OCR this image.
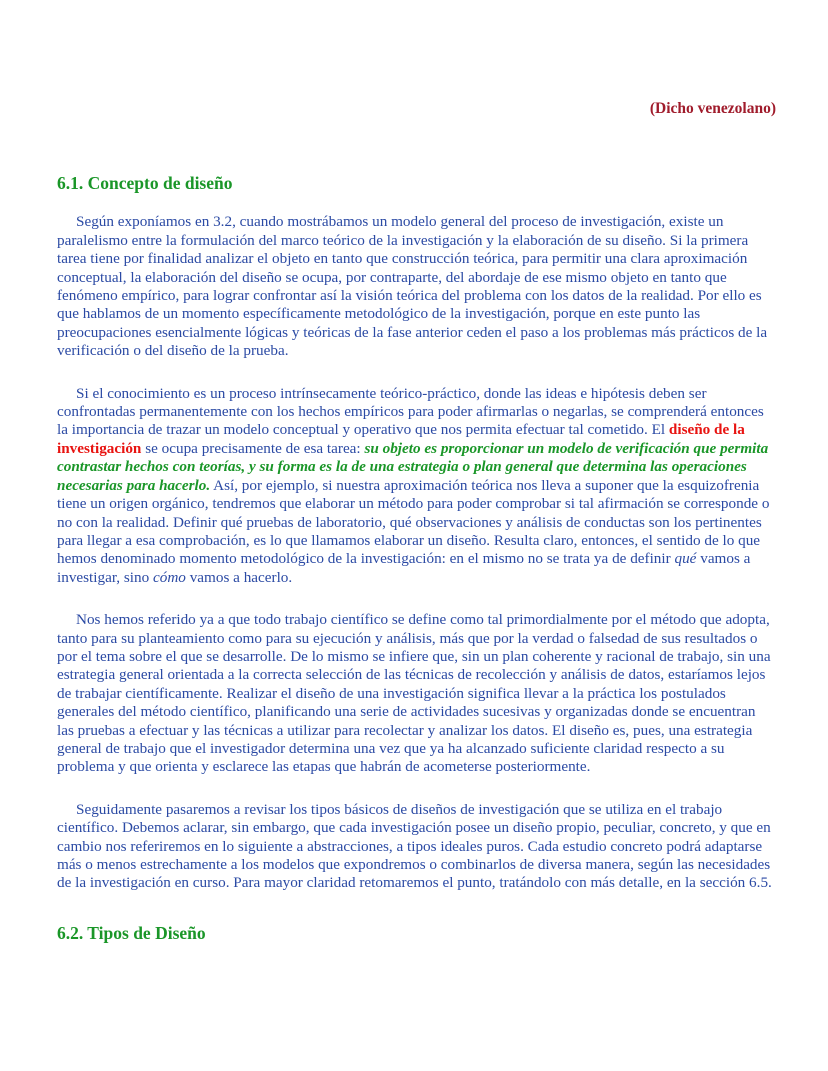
(Dicho venezolano)
6.1. Concepto de diseño

Según exponíamos en 3.2, cuando mostrábamos un modelo general del proceso de investigación, existe un paralelismo entre la formulación del marco teórico de la investigación y la elaboración de su diseño. Si la primera tarea tiene por finalidad analizar el objeto en tanto que construcción teórica, para permitir una clara aproximación conceptual, la elaboración del diseño se ocupa, por contraparte, del abordaje de ese mismo objeto en tanto que fenómeno empírico, para lograr confrontar así la visión teórica del problema con los datos de la realidad. Por ello es que hablamos de un momento específicamente metodológico de la investigación, porque en este punto las preocupaciones esencialmente lógicas y teóricas de la fase anterior ceden el paso a los problemas más prácticos de la verificación o del diseño de la prueba.

Si el conocimiento es un proceso intrínsecamente teórico-práctico, donde las ideas e hipótesis deben ser confrontadas permanentemente con los hechos empíricos para poder afirmarlas o negarlas, se comprenderá entonces la importancia de trazar un modelo conceptual y operativo que nos permita efectuar tal cometido. El diseño de la investigación se ocupa precisamente de esa tarea: su objeto es proporcionar un modelo de verificación que permita contrastar hechos con teorías, y su forma es la de una estrategia o plan general que determina las operaciones necesarias para hacerlo. Así, por ejemplo, si nuestra aproximación teórica nos lleva a suponer que la esquizofrenia tiene un origen orgánico, tendremos que elaborar un método para poder comprobar si tal afirmación se corresponde o no con la realidad. Definir qué pruebas de laboratorio, qué observaciones y análisis de conductas son los pertinentes para llegar a esa comprobación, es lo que llamamos elaborar un diseño. Resulta claro, entonces, el sentido de lo que hemos denominado momento metodológico de la investigación: en el mismo no se trata ya de definir qué vamos a investigar, sino cómo vamos a hacerlo.

Nos hemos referido ya a que todo trabajo científico se define como tal primordialmente por el método que adopta, tanto para su planteamiento como para su ejecución y análisis, más que por la verdad o falsedad de sus resultados o por el tema sobre el que se desarrolle. De lo mismo se infiere que, sin un plan coherente y racional de trabajo, sin una estrategia general orientada a la correcta selección de las técnicas de recolección y análisis de datos, estaríamos lejos de trabajar científicamente. Realizar el diseño de una investigación significa llevar a la práctica los postulados generales del método científico, planificando una serie de actividades sucesivas y organizadas donde se encuentran las pruebas a efectuar y las técnicas a utilizar para recolectar y analizar los datos. El diseño es, pues, una estrategia general de trabajo que el investigador determina una vez que ya ha alcanzado suficiente claridad respecto a su problema y que orienta y esclarece las etapas que habrán de acometerse posteriormente.

Seguidamente pasaremos a revisar los tipos básicos de diseños de investigación que se utiliza en el trabajo científico. Debemos aclarar, sin embargo, que cada investigación posee un diseño propio, peculiar, concreto, y que en cambio nos referiremos en lo siguiente a abstracciones, a tipos ideales puros. Cada estudio concreto podrá adaptarse más o menos estrechamente a los modelos que expondremos o combinarlos de diversa manera, según las necesidades de la investigación en curso. Para mayor claridad retomaremos el punto, tratándolo con más detalle, en la sección 6.5.

6.2. Tipos de Diseño
